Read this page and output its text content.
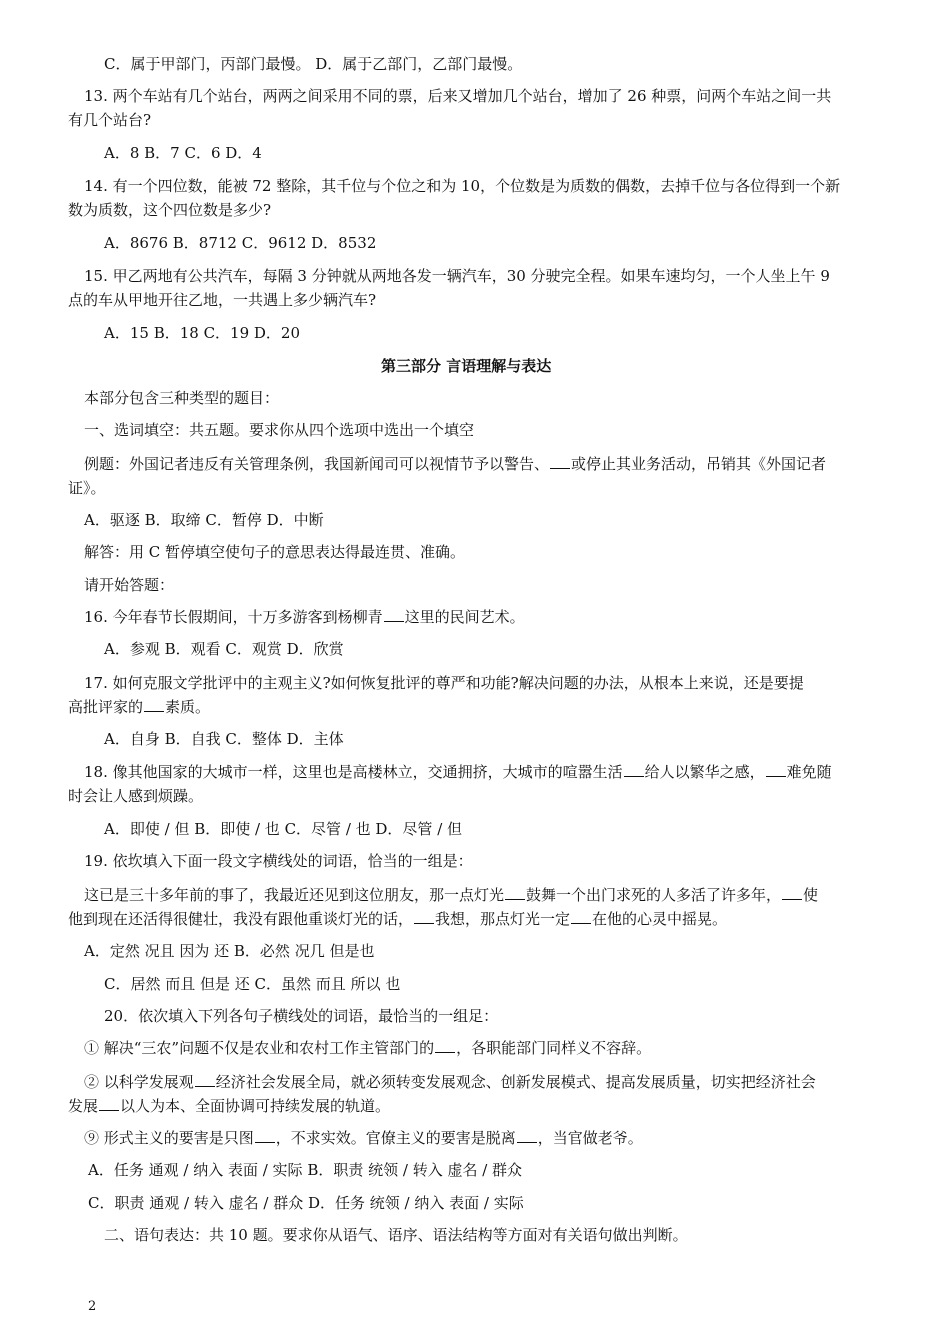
C．属于甲部门，丙部门最慢。 D．属于乙部门，乙部门最慢。
13. 两个车站有几个站台，两两之间采用不同的票，后来又增加几个站台，增加了 26 种票，问两个车站之间一共
有几个站台?
A．8 B．7 C．6 D．4
14. 有一个四位数，能被 72 整除，其千位与个位之和为 10，个位数是为质数的偶数，去掉千位与各位得到一个新
数为质数，这个四位数是多少?
A．8676 B．8712 C．9612 D．8532
15. 甲乙两地有公共汽车，每隔 3 分钟就从两地各发一辆汽车，30 分驶完全程。如果车速均匀，一个人坐上午 9
点的车从甲地开往乙地，一共遇上多少辆汽车?
A．15 B．18 C．19 D．20
第三部分 言语理解与表达
本部分包含三种类型的题目：
一、选词填空：共五题。要求你从四个选项中选出一个填空
例题：外国记者违反有关管理条例，我国新闻司可以视情节予以警告、 或停止其业务活动，吊销其《外国记者
证》。
A．驱逐 B．取缔 C．暂停 D．中断
解答：用 C 暂停填空使句子的意思表达得最连贯、准确。
请开始答题：
16. 今年春节长假期间，十万多游客到杨柳青 这里的民间艺术。
A．参观 B．观看 C．观赏 D．欣赏
17. 如何克服文学批评中的主观主义?如何恢复批评的尊严和功能?解决问题的办法，从根本上来说，还是要提
高批评家的 素质。
A．自身 B．自我 C．整体 D．主体
18. 像其他国家的大城市一样，这里也是高楼林立，交通拥挤，大城市的喧嚣生活 给人以繁华之感， 难免随
时会让人感到烦躁。
A．即使 / 但 B．即使 / 也 C．尽管 / 也 D．尽管 / 但
19. 依坎填入下面一段文字横线处的词语，恰当的一组是：
这已是三十多年前的事了，我最近还见到这位朋友，那一点灯光 鼓舞一个出门求死的人多活了许多年， 使
他到现在还活得很健壮，我没有跟他重谈灯光的话， 我想，那点灯光一定 在他的心灵中摇晃。
A．定然 况且 因为 还 B．必然 况几 但是也
C．居然 而且 但是 还 C．虽然 而且 所以 也
20．依次填入下列各句子横线处的词语，最恰当的一组足：
① 解决“三农”问题不仅是农业和农村工作主管部门的 ，各职能部门同样义不容辞。
② 以科学发展观 经济社会发展全局，就必须转变发展观念、创新发展模式、提高发展质量，切实把经济社会
发展 以人为本、全面协调可持续发展的轨道。
⑨ 形式主义的要害是只图 ，不求实效。官僚主义的要害是脱离 ，当官做老爷。
A．任务 通观 / 纳入 表面 / 实际 B．职责 统领 / 转入 虚名 / 群众
C．职责 通观 / 转入 虚名 / 群众 D．任务 统领 / 纳入 表面 / 实际
二、语句表达：共 10 题。要求你从语气、语序、语法结构等方面对有关语句做出判断。
2
